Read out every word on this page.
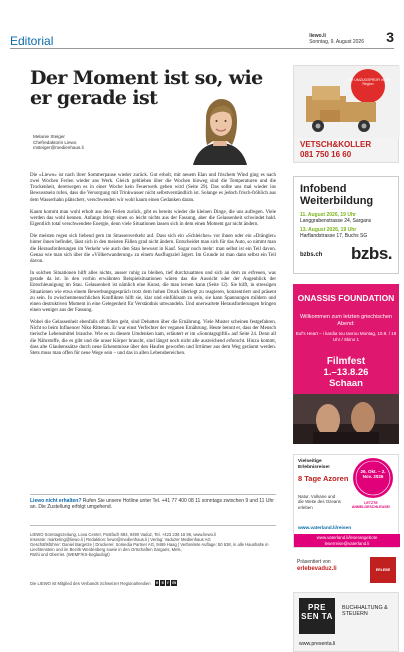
Editorial	liewo.li
Sonntag, 9. August 2026 3
Der Moment ist so, wie er gerade ist
Melanie Steiger
Chefredaktorin Liewo
msteiger@medienhaus.li

Die «Liewo» ist nach ihrer Sommerpause wieder zurück. Gut erholt, mit neuem Elan und frischem Wind ging es nach zwei Wochen Ferien wieder ans Werk. Gleich geblieben über die Wochen hinweg sind die Temperaturen und die Trockenheit, deretwegen es in einer Woche kein Feuerwerk geben wird (Seite 29). Das sollte uns mal wieder ins Bewusstsein rufen, dass die Versorgung mit Trinkwasser nicht selbstverständlich ist. Solange es jedoch frisch-fröhlich aus dem Wasserhahn plätschert, verschwenden wir wohl kaum einen Gedanken daran.

Kaum kommt man wohl erholt aus den Ferien zurück, gibt es bereits wieder die kleinen Dinge, die uns aufregen. Viele werden das wohl kennen. Anfangs bringt einen so leicht nichts aus der Fassung, aber die Gelassenheit schwindet bald. Eigentlich total verschwendete Energie, denn viele Situationen lassen sich in dem einen Moment gar nicht ändern.

Die meisten regen sich liebend gern im Strassenverkehr auf. Dass sich ein «Schleicher» vor ihnen oder ein «Drängler» hinter ihnen befindet, lässt sich in den meisten Fällen grad nicht ändern. Entscheidet man sich für das Auto, so nimmt man die Herausforderungen im Verkehr wie auch den Stau bewusst in Kauf. Sogar noch mehr: man selbst ist ein Teil davon. Genau wie man sich über die «Völkerwanderung» zu einem Ausflugsziel ärgert. Im Grunde ist man dann selbst ein Teil davon.

In solchen Situationen hilft alles nichts, ausser ruhig zu bleiben, tief durchzuatmen und sich an dem zu erfreuen, was gerade da ist. In den vorhin erwähnten Beispielsituationen wären das die Aussicht oder der Augenblick der Entschleunigung im Stau. Gelassenheit ist nämlich eine Kunst, die man lernen kann (Seite 12). Sie hilft, in stressigen Situationen wie etwa einem Bewerbungsgespräch trotz dem hohen Druck überlegt zu reagieren, konzentriert und präsent zu sein. In zwischenmenschlichen Konflikten hilft sie, klar und einfühlsam zu sein, sie kann Spannungen mildern und einen destruktiven Moment in eine Gelegenheit für Verständnis umwandeln. Und unerwartete Herausforderungen bringen einen weniger aus der Fassung.

Wobei die Gelassenheit ebenfalls oft flöten geht, sind Debatten über die Ernährung. Viele Muster scheinen festgefahren. Nicht so beim Influencer Niko Rittenau. Er war einst Verfechter der veganen Ernährung. Heute betont er, dass der Mensch tierische Lebensmittel brauche. Wie es zu diesem Umdenken kam, erläutert er im «Sonntagsgiftli» auf Seite 24. Denn all die Nährstoffe, die es gibt und die unser Körper braucht, sind längst noch nicht alle ausreichend erforscht. Hinzu kommt, dass alte Glaubenssätze durch neue Erkenntnisse über den Haufen geworfen und Irrtümer aus dem Weg geräumt werden. Stets muss man offen für neue Wege sein – und das in allen Lebensbereichen.

Liewo nicht erhalten? Rufen Sie unsere Hotline unter Tel. +41 77 400 08 11 sonntags zwischen 9 und 11 Uhr an. Die Zustellung erfolgt umgehend.
LIEWO Sonntagszeitung, Lova Center, Postfach 884, 9490 Vaduz, Tel. +423 236 16 96, www.liewo.li
Inserate: marketing@liewo.li | Redaktion: liewo@medienhaus.li | Verlag: Vaduzer Medienhaus AG
Geschäftsführer: Daniel Bargetze | Druckerei: Somedia Partner AG, 9469 Haag | Verbreitete Auflage: 50 638, in alle Haushalte in Liechtenstein und im Bezirk Werdenberg sowie in den Ortschaften Sargans, Mels,
Rüthi und Oberriet. (WEMF/KS-beglaubigt)
Die LIEWO ist Mitglied des Verbands Schweizer Regionalmedien v s r m
DER UMZUGSPROFI in der Region
VETSCH&KOLLER
081 750 16 60
Infobend Weiterbildung
11. August 2026, 19 Uhr
Langgrabenstrasse 24, Sargans
13. August 2026, 19 Uhr
Harflandstrasse 17, Buchs SG
bzbs.ch bzbs.
ONASSIS FOUNDATION
Willkommen zum letzten griechischen Abend:
Buf's Heart – i kardia tou tavrou Montag, 10.8. / 19 Uhr / Skino 1
Filmfest
1.–13.8.26
Schaan
Vielseitige Erlebnisreise!
8 Tage Azoren
Natur, Vulkane und die Weite des Ozeans erleben
26. Okt. – 2. Nov. 2026
LETZTE ANMELDESCHLEUSE!
www.vaterland.li/reisen
www.vaterland.li/leserangebote leserreise@vaterland.li
Präsentiert von
erlebevaduz.li	ERLEBE
PRE SEN TA
BUCHHALTUNG &
STEUERN
www.presenta.li
